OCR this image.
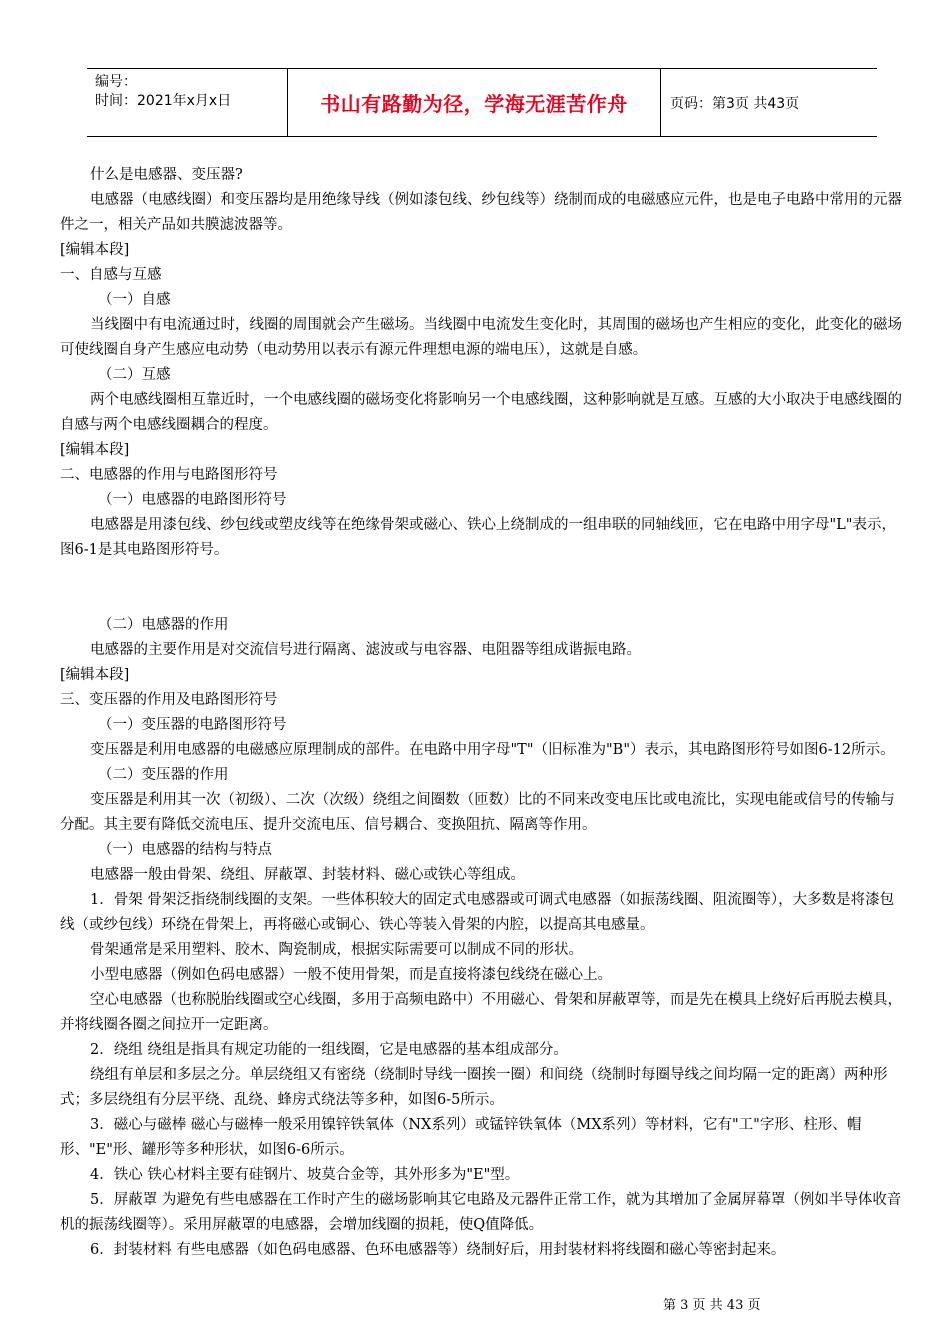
编号：
时间：2021年x月x日	书山有路勤为径，学海无涯苦作舟	页码：第3页 共43页

什么是电感器、变压器?

电感器（电感线圈）和变压器均是用绝缘导线（例如漆包线、纱包线等）绕制而成的电磁感应元件，也是电子电路中常用的元器件之一，相关产品如共膜滤波器等。

[编辑本段]

一、自感与互感

（一）自感

当线圈中有电流通过时，线圈的周围就会产生磁场。当线圈中电流发生变化时，其周围的磁场也产生相应的变化，此变化的磁场可使线圈自身产生感应电动势（电动势用以表示有源元件理想电源的端电压），这就是自感。

（二）互感

两个电感线圈相互靠近时，一个电感线圈的磁场变化将影响另一个电感线圈，这种影响就是互感。互感的大小取决于电感线圈的自感与两个电感线圈耦合的程度。

[编辑本段]

二、电感器的作用与电路图形符号

（一）电感器的电路图形符号

电感器是用漆包线、纱包线或塑皮线等在绝缘骨架或磁心、铁心上绕制成的一组串联的同轴线匝，它在电路中用字母"L"表示，图6-1是其电路图形符号。

（二）电感器的作用

电感器的主要作用是对交流信号进行隔离、滤波或与电容器、电阻器等组成谐振电路。

[编辑本段]

三、变压器的作用及电路图形符号

（一）变压器的电路图形符号

变压器是利用电感器的电磁感应原理制成的部件。在电路中用字母"T"（旧标准为"B"）表示，其电路图形符号如图6-12所示。

（二）变压器的作用

变压器是利用其一次（初级）、二次（次级）绕组之间圈数（匝数）比的不同来改变电压比或电流比，实现电能或信号的传输与分配。其主要有降低交流电压、提升交流电压、信号耦合、变换阻抗、隔离等作用。

（一）电感器的结构与特点

电感器一般由骨架、绕组、屏蔽罩、封装材料、磁心或铁心等组成。

1．骨架 骨架泛指绕制线圈的支架。一些体积较大的固定式电感器或可调式电感器（如振荡线圈、阻流圈等），大多数是将漆包线（或纱包线）环绕在骨架上，再将磁心或铜心、铁心等装入骨架的内腔，以提高其电感量。

骨架通常是采用塑料、胶木、陶瓷制成，根据实际需要可以制成不同的形状。

小型电感器（例如色码电感器）一般不使用骨架，而是直接将漆包线绕在磁心上。

空心电感器（也称脱胎线圈或空心线圈，多用于高频电路中）不用磁心、骨架和屏蔽罩等，而是先在模具上绕好后再脱去模具，并将线圈各圈之间拉开一定距离。

2．绕组 绕组是指具有规定功能的一组线圈，它是电感器的基本组成部分。

绕组有单层和多层之分。单层绕组又有密绕（绕制时导线一圈挨一圈）和间绕（绕制时每圈导线之间均隔一定的距离）两种形式；多层绕组有分层平绕、乱绕、蜂房式绕法等多种，如图6-5所示。

3．磁心与磁棒 磁心与磁棒一般采用镍锌铁氧体（NX系列）或锰锌铁氧体（MX系列）等材料，它有"工"字形、柱形、帽形、"E"形、罐形等多种形状，如图6-6所示。

4．铁心 铁心材料主要有硅钢片、坡莫合金等，其外形多为"E"型。

5．屏蔽罩 为避免有些电感器在工作时产生的磁场影响其它电路及元器件正常工作，就为其增加了金属屏幕罩（例如半导体收音机的振荡线圈等）。采用屏蔽罩的电感器，会增加线圈的损耗，使Q值降低。

6．封装材料 有些电感器（如色码电感器、色环电感器等）绕制好后，用封装材料将线圈和磁心等密封起来。

第 3 页 共 43 页
